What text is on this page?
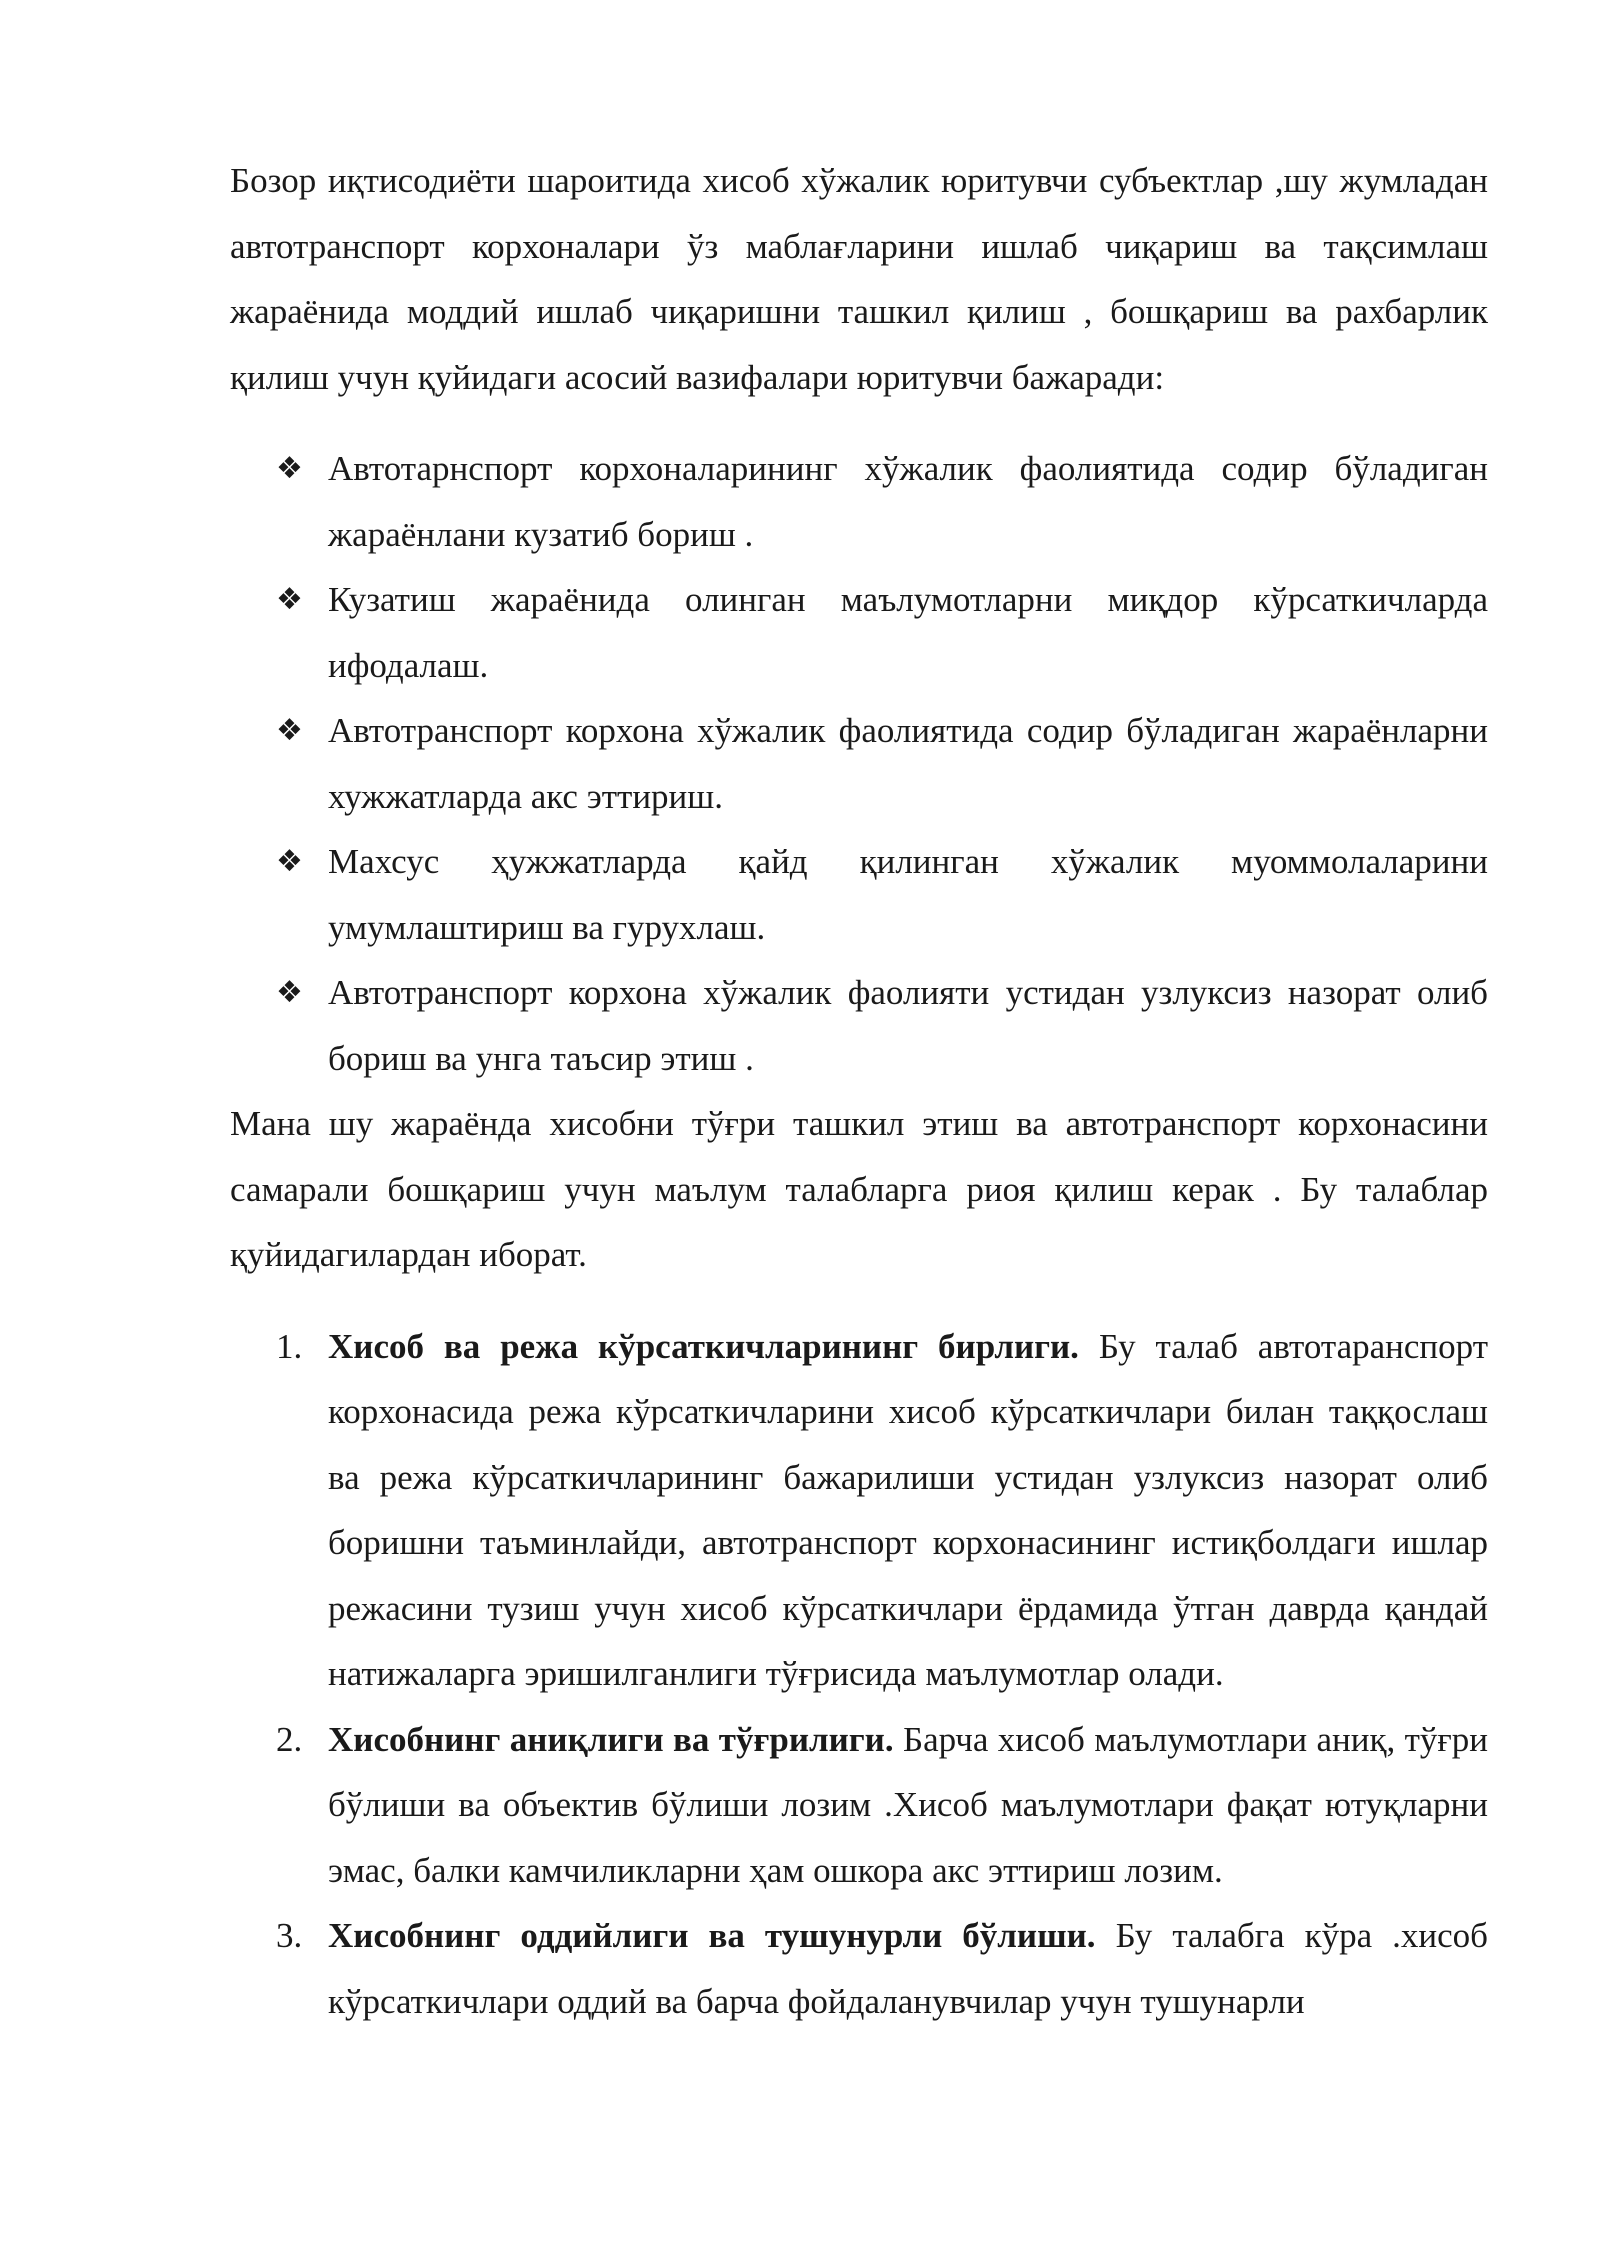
Бозор иқтисодиёти шароитида хисоб хўжалик юритувчи субъектлар ,шу жумладан автотранспорт корхоналари ўз маблағларини ишлаб чиқариш ва тақсимлаш жараёнида моддий ишлаб чиқаришни ташкил қилиш , бошқариш ва рахбарлик қилиш учун қуйидаги асосий вазифалари юритувчи бажаради:

❖ Автотарнспорт корхоналарининг хўжалик фаолиятида содир бўладиган жараёнлани кузатиб бориш .
❖ Кузатиш жараёнида олинган маълумотларни миқдор кўрсаткичларда ифодалаш.
❖ Автотранспорт корхона хўжалик фаолиятида содир бўладиган жараёнларни хужжатларда акс эттириш.
❖ Махсус ҳужжатларда қайд қилинган хўжалик муоммолаларини умумлаштириш ва гурухлаш.
❖ Автотранспорт корхона хўжалик фаолияти устидан узлуксиз назорат олиб бориш ва унга таъсир этиш .

Мана шу жараёнда хисобни тўғри ташкил этиш ва автотранспорт корхонасини самарали бошқариш учун маълум талабларга риоя қилиш керак . Бу талаблар қуйидагилардан иборат.

1. Хисоб ва режа кўрсаткичларининг бирлиги. Бу талаб автотаранспорт корхонасида режа кўрсаткичларини хисоб кўрсаткичлари билан таққослаш ва режа кўрсаткичларининг бажарилиши устидан узлуксиз назорат олиб боришни таъминлайди, автотранспорт корхонасининг истиқболдаги ишлар режасини тузиш учун хисоб кўрсаткичлари ёрдамида ўтган даврда қандай натижаларга эришилганлиги тўғрисида маълумотлар олади.
2. Хисобнинг аниқлиги ва тўғрилиги. Барча хисоб маълумотлари аниқ, тўғри бўлиши ва объектив бўлиши лозим .Хисоб маълумотлари фақат ютуқларни эмас, балки камчиликларни ҳам ошкора акс эттириш лозим.
3. Хисобнинг оддийлиги ва тушунурли бўлиши. Бу талабга кўра .хисоб кўрсаткичлари оддий ва барча фойдаланувчилар учун тушунарли
